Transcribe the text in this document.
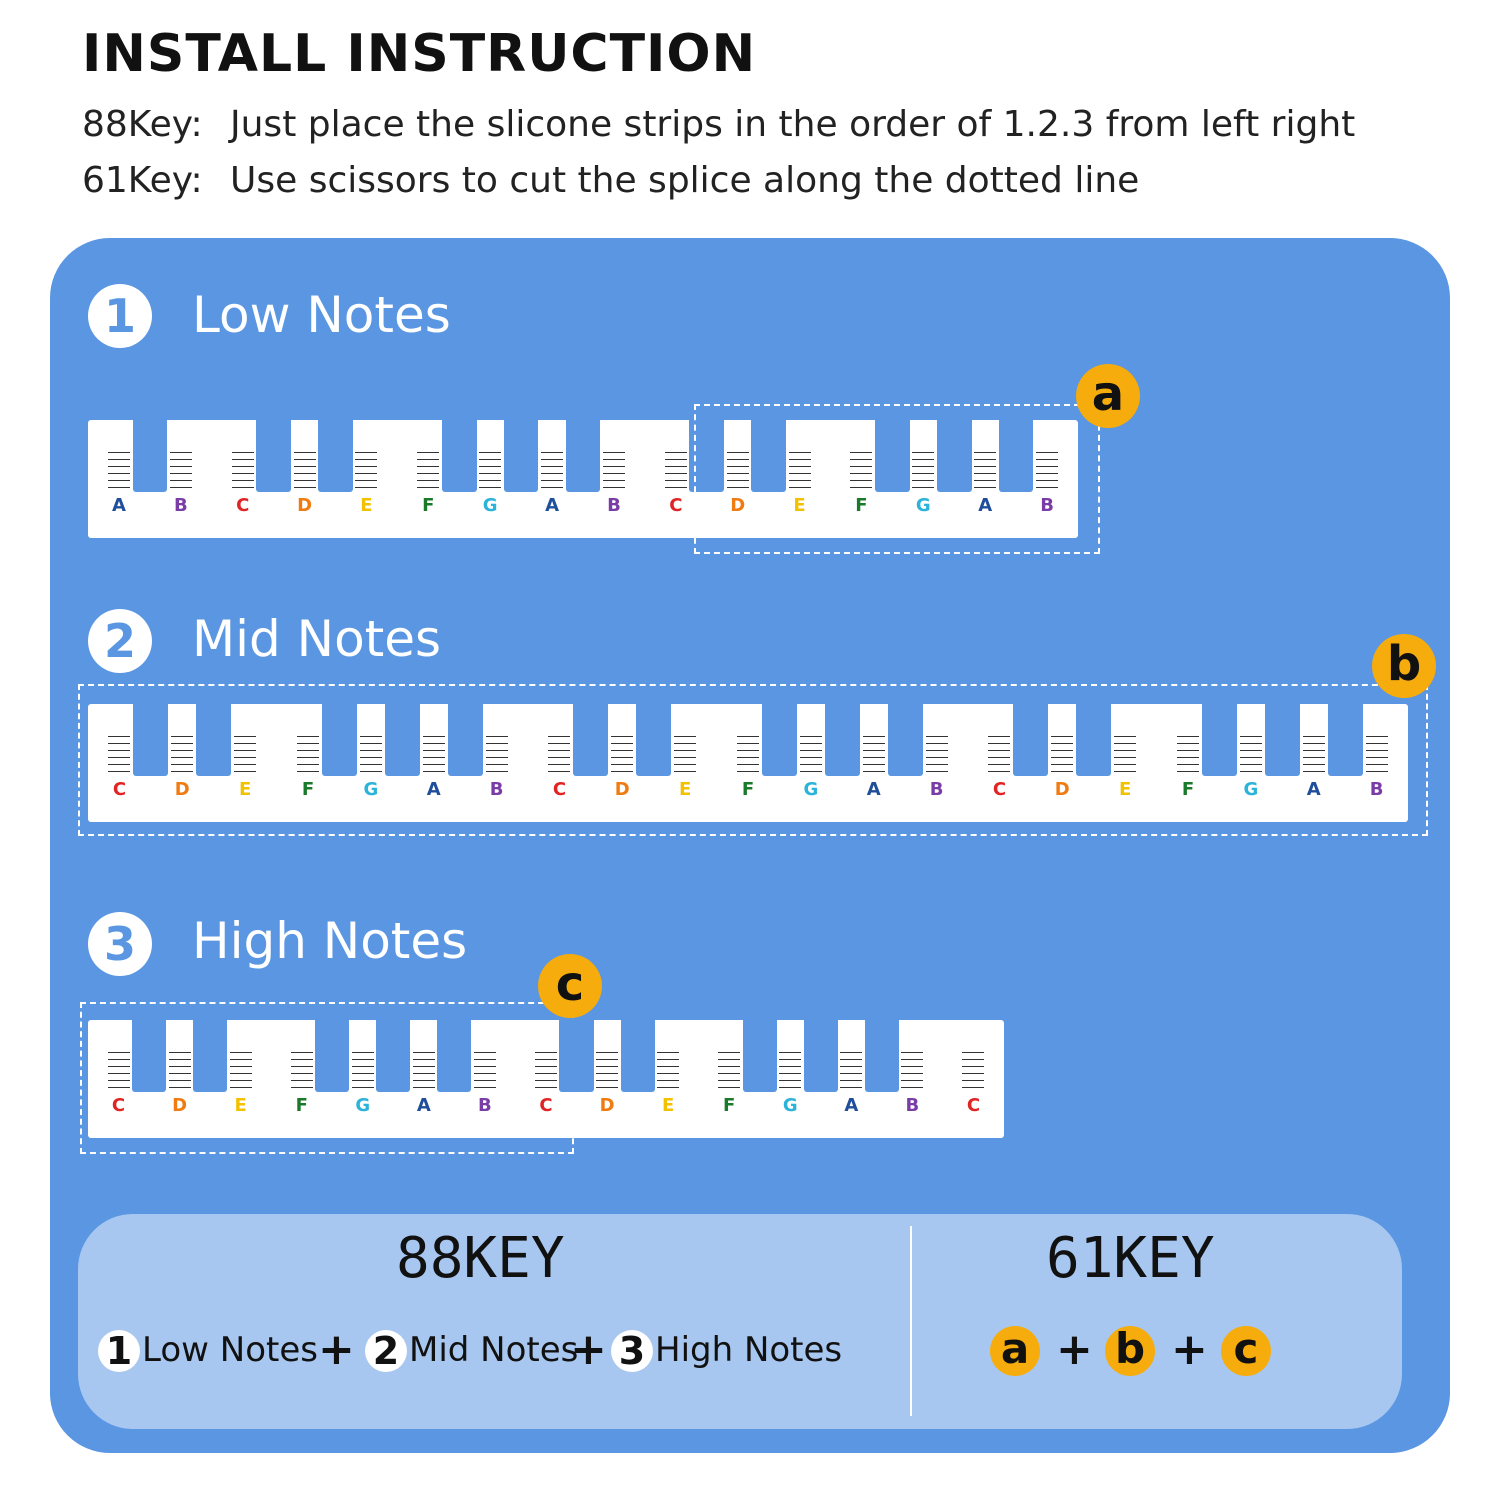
INSTALL INSTRUCTION
88Key: Just place the slicone strips in the order of 1.2.3 from left right
61Key: Use scissors to cut the splice along the dotted line
1	Low Notes
A	B	C	D	E	F	G	A	B	C	D	E	F	G	A	B
a
2	Mid Notes
C	D	E	F	G	A	B	C	D	E	F	G	A	B	C	D	E	F	G	A	B
b
3	High Notes
C	D	E	F	G	A	B	C	D	E	F	G	A	B	C
c
88KEY	61KEY
1 Low Notes + 2 Mid Notes
+ 3 High Notes	a + b + c
